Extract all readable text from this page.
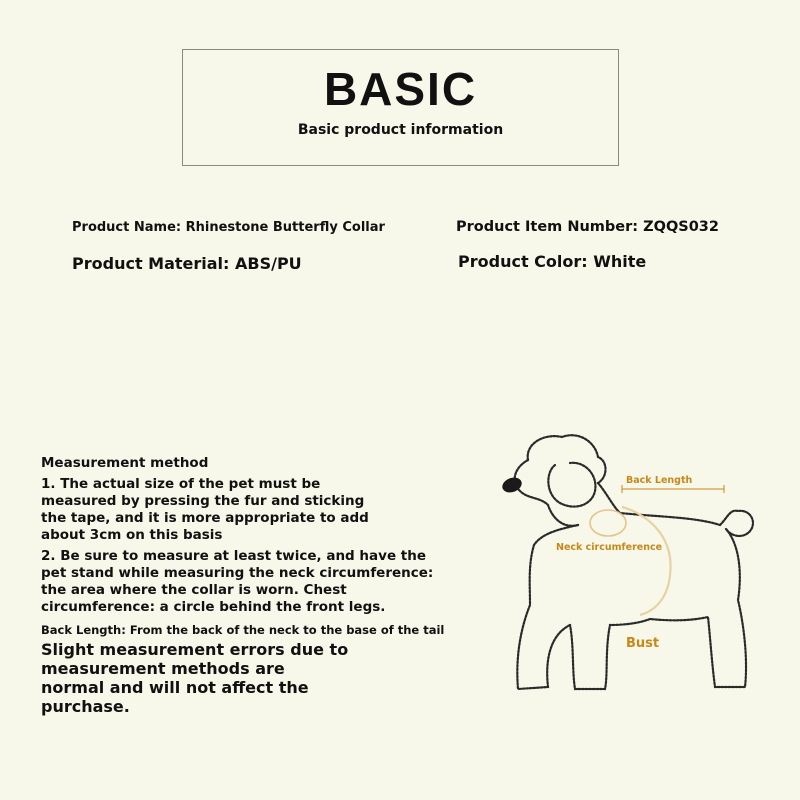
BASIC
Basic product information
Product Name: Rhinestone Butterfly Collar	Product Item Number: ZQQS032
Product Material: ABS/PU	Product Color: White
Measurement method
1. The actual size of the pet must be measured by pressing the fur and sticking the tape, and it is more appropriate to add about 3cm on this basis
2. Be sure to measure at least twice, and have the pet stand while measuring the neck circumference: the area where the collar is worn. Chest circumference: a circle behind the front legs.
Back Length: From the back of the neck to the base of the tail
Slight measurement errors due to measurement methods are normal and will not affect the purchase.
Back Length
Neck circumference
Bust
